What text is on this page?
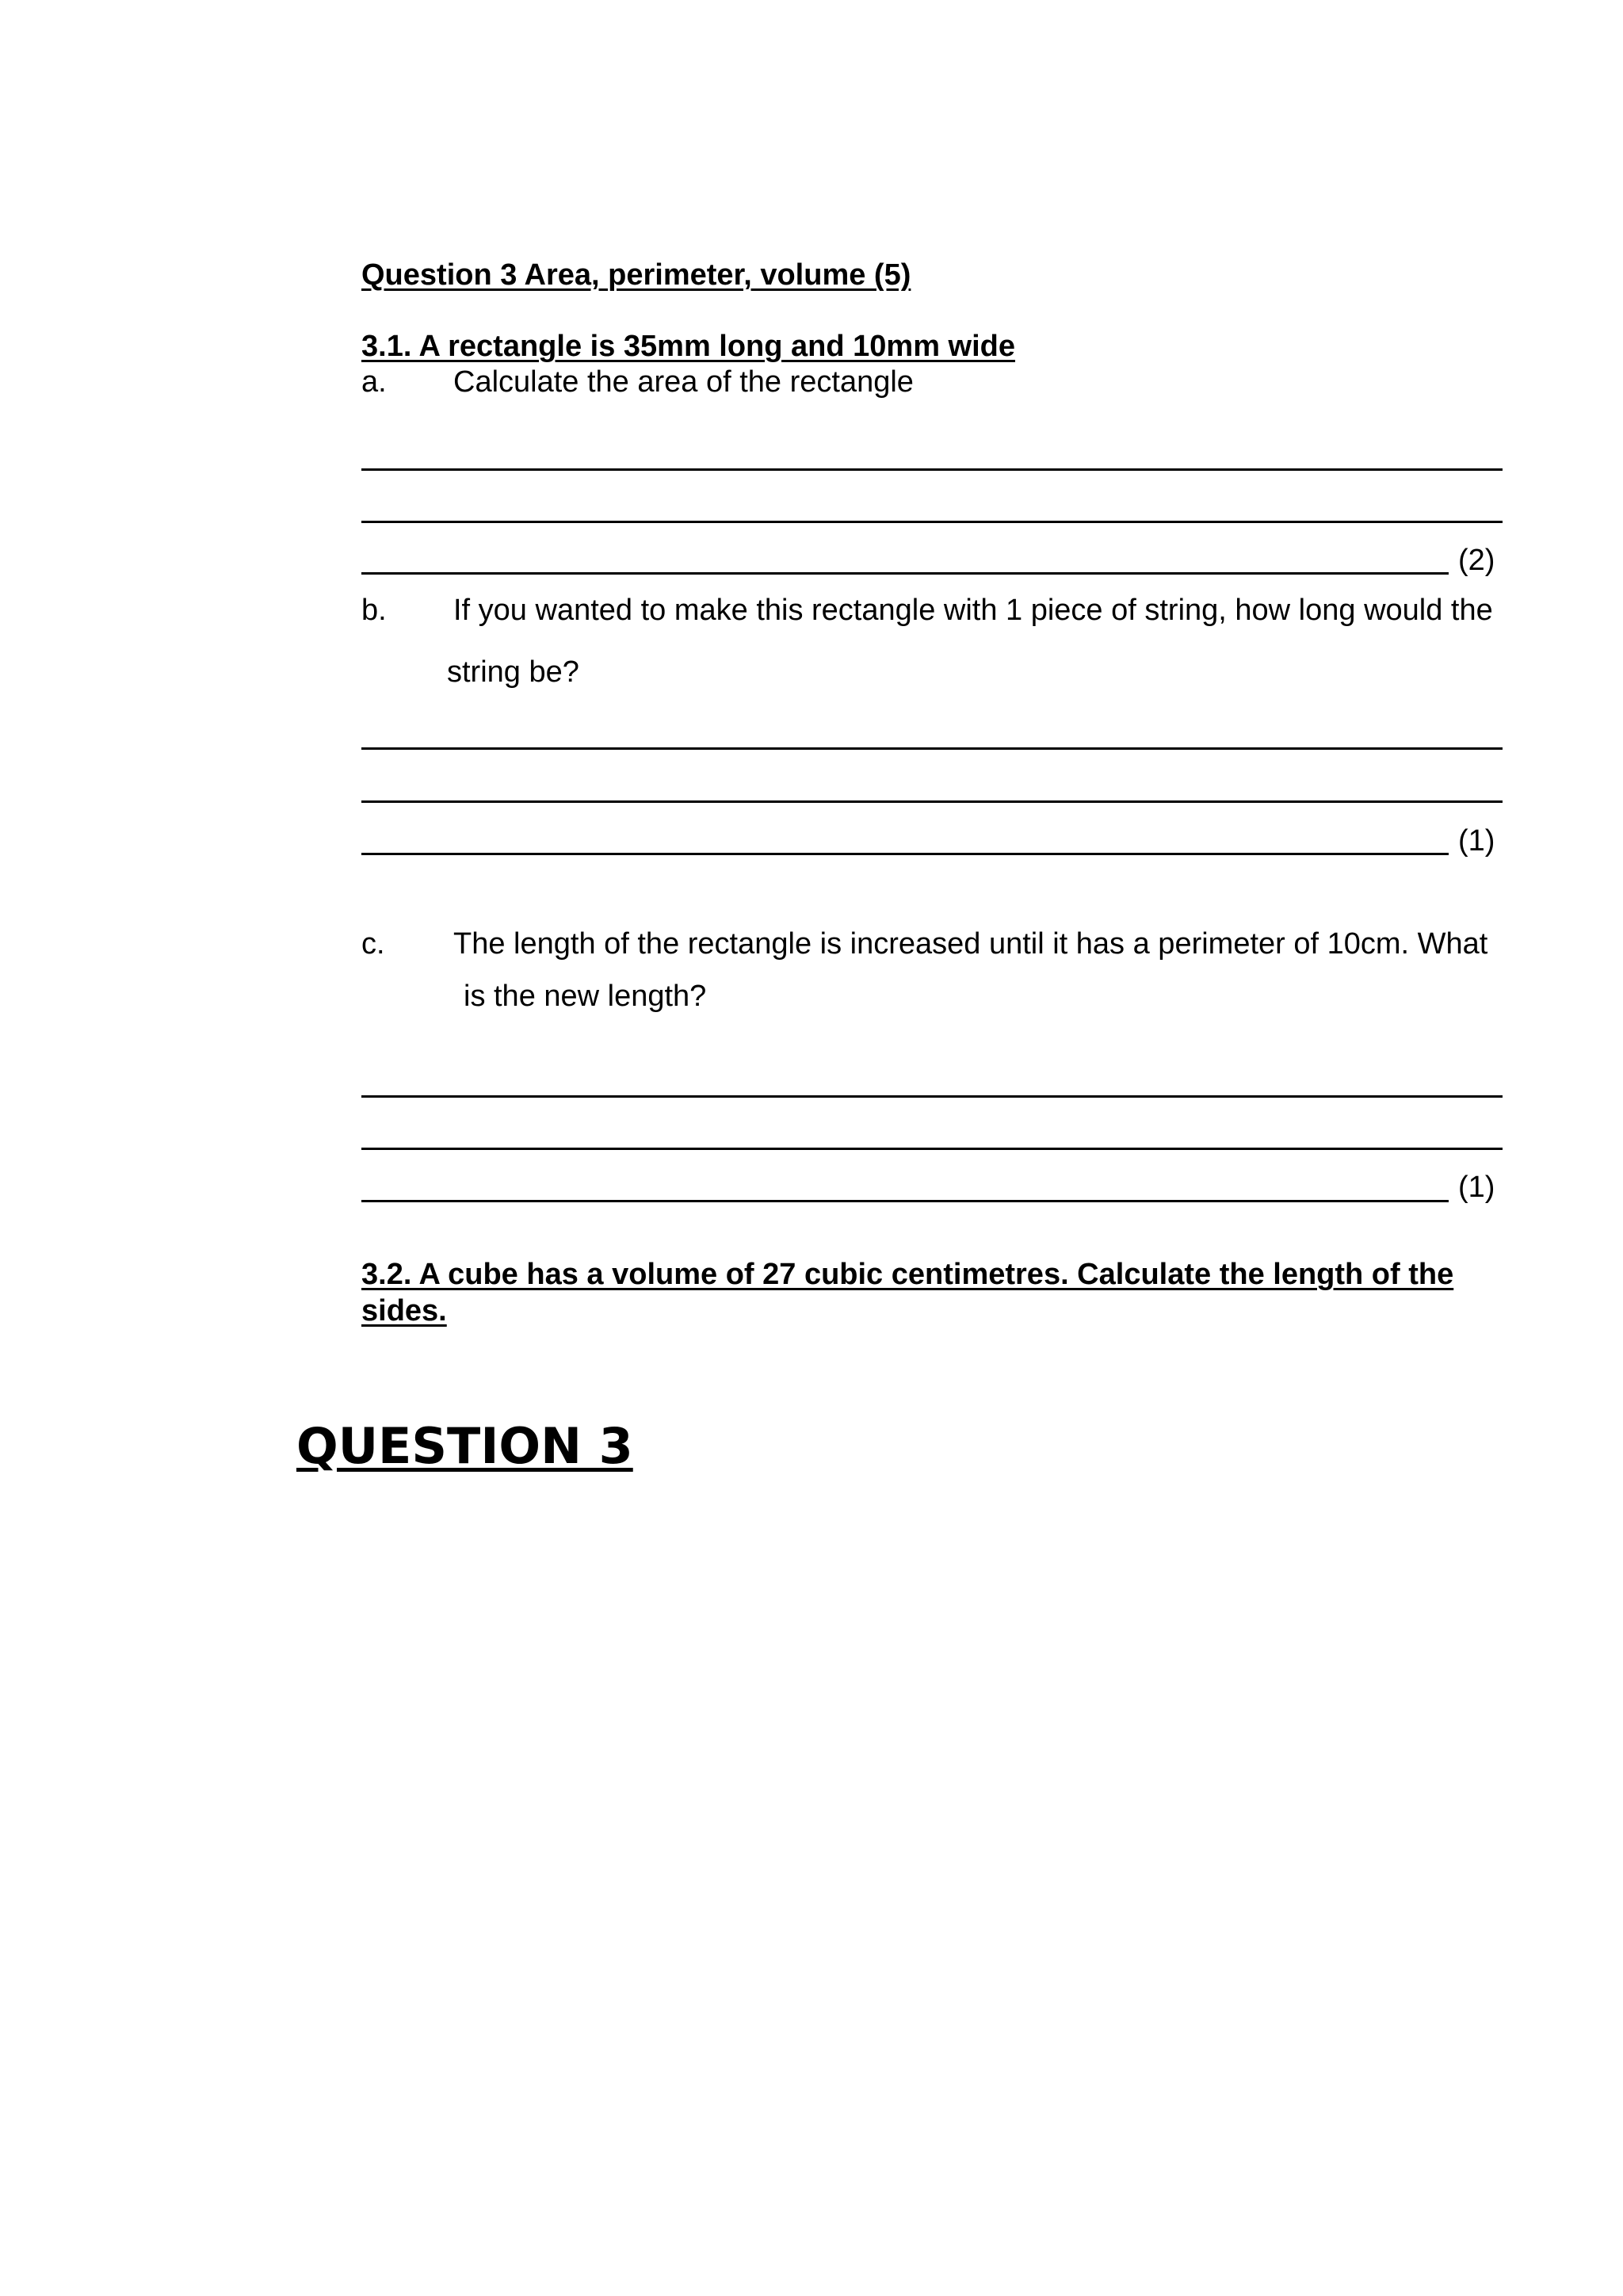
Question 3 Area, perimeter, volume (5)
3.1. A rectangle is 35mm long and 10mm wide
a. Calculate the area of the rectangle
(2)
b. If you wanted to make this rectangle with 1 piece of string, how long would the
string be?
(1)
c. The length of the rectangle is increased until it has a perimeter of 10cm. What
is the new length?
(1)
3.2. A cube has a volume of 27 cubic centimetres. Calculate the length of the
sides.
QUESTION 3
